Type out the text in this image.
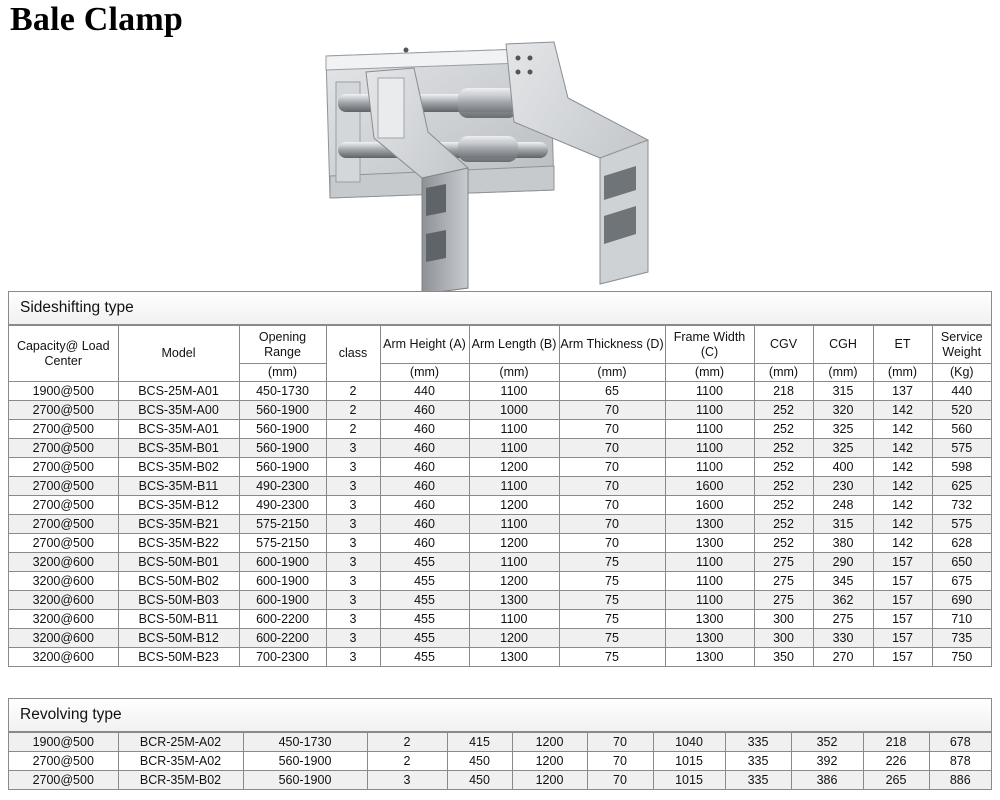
Bale Clamp
Sideshifting type
Capacity@ Load Center	Model	Opening Range	class	Arm Height (A)	Arm Length (B)	Arm Thickness (D)	Frame Width (C)	CGV	CGH	ET	Service Weight
		(mm)		(mm)	(mm)	(mm)	(mm)	(mm)	(mm)	(mm)	(Kg)
1900@500	BCS-25M-A01	450-1730	2	440	1100	65	1100	218	315	137	440
2700@500	BCS-35M-A00	560-1900	2	460	1000	70	1100	252	320	142	520
2700@500	BCS-35M-A01	560-1900	2	460	1100	70	1100	252	325	142	560
2700@500	BCS-35M-B01	560-1900	3	460	1100	70	1100	252	325	142	575
2700@500	BCS-35M-B02	560-1900	3	460	1200	70	1100	252	400	142	598
2700@500	BCS-35M-B11	490-2300	3	460	1100	70	1600	252	230	142	625
2700@500	BCS-35M-B12	490-2300	3	460	1200	70	1600	252	248	142	732
2700@500	BCS-35M-B21	575-2150	3	460	1100	70	1300	252	315	142	575
2700@500	BCS-35M-B22	575-2150	3	460	1200	70	1300	252	380	142	628
3200@600	BCS-50M-B01	600-1900	3	455	1100	75	1100	275	290	157	650
3200@600	BCS-50M-B02	600-1900	3	455	1200	75	1100	275	345	157	675
3200@600	BCS-50M-B03	600-1900	3	455	1300	75	1100	275	362	157	690
3200@600	BCS-50M-B11	600-2200	3	455	1100	75	1300	300	275	157	710
3200@600	BCS-50M-B12	600-2200	3	455	1200	75	1300	300	330	157	735
3200@600	BCS-50M-B23	700-2300	3	455	1300	75	1300	350	270	157	750
Revolving type
1900@500	BCR-25M-A02	450-1730	2	415	1200	70	1040	335	352	218	678
2700@500	BCR-35M-A02	560-1900	2	450	1200	70	1015	335	392	226	878
2700@500	BCR-35M-B02	560-1900	3	450	1200	70	1015	335	386	265	886
